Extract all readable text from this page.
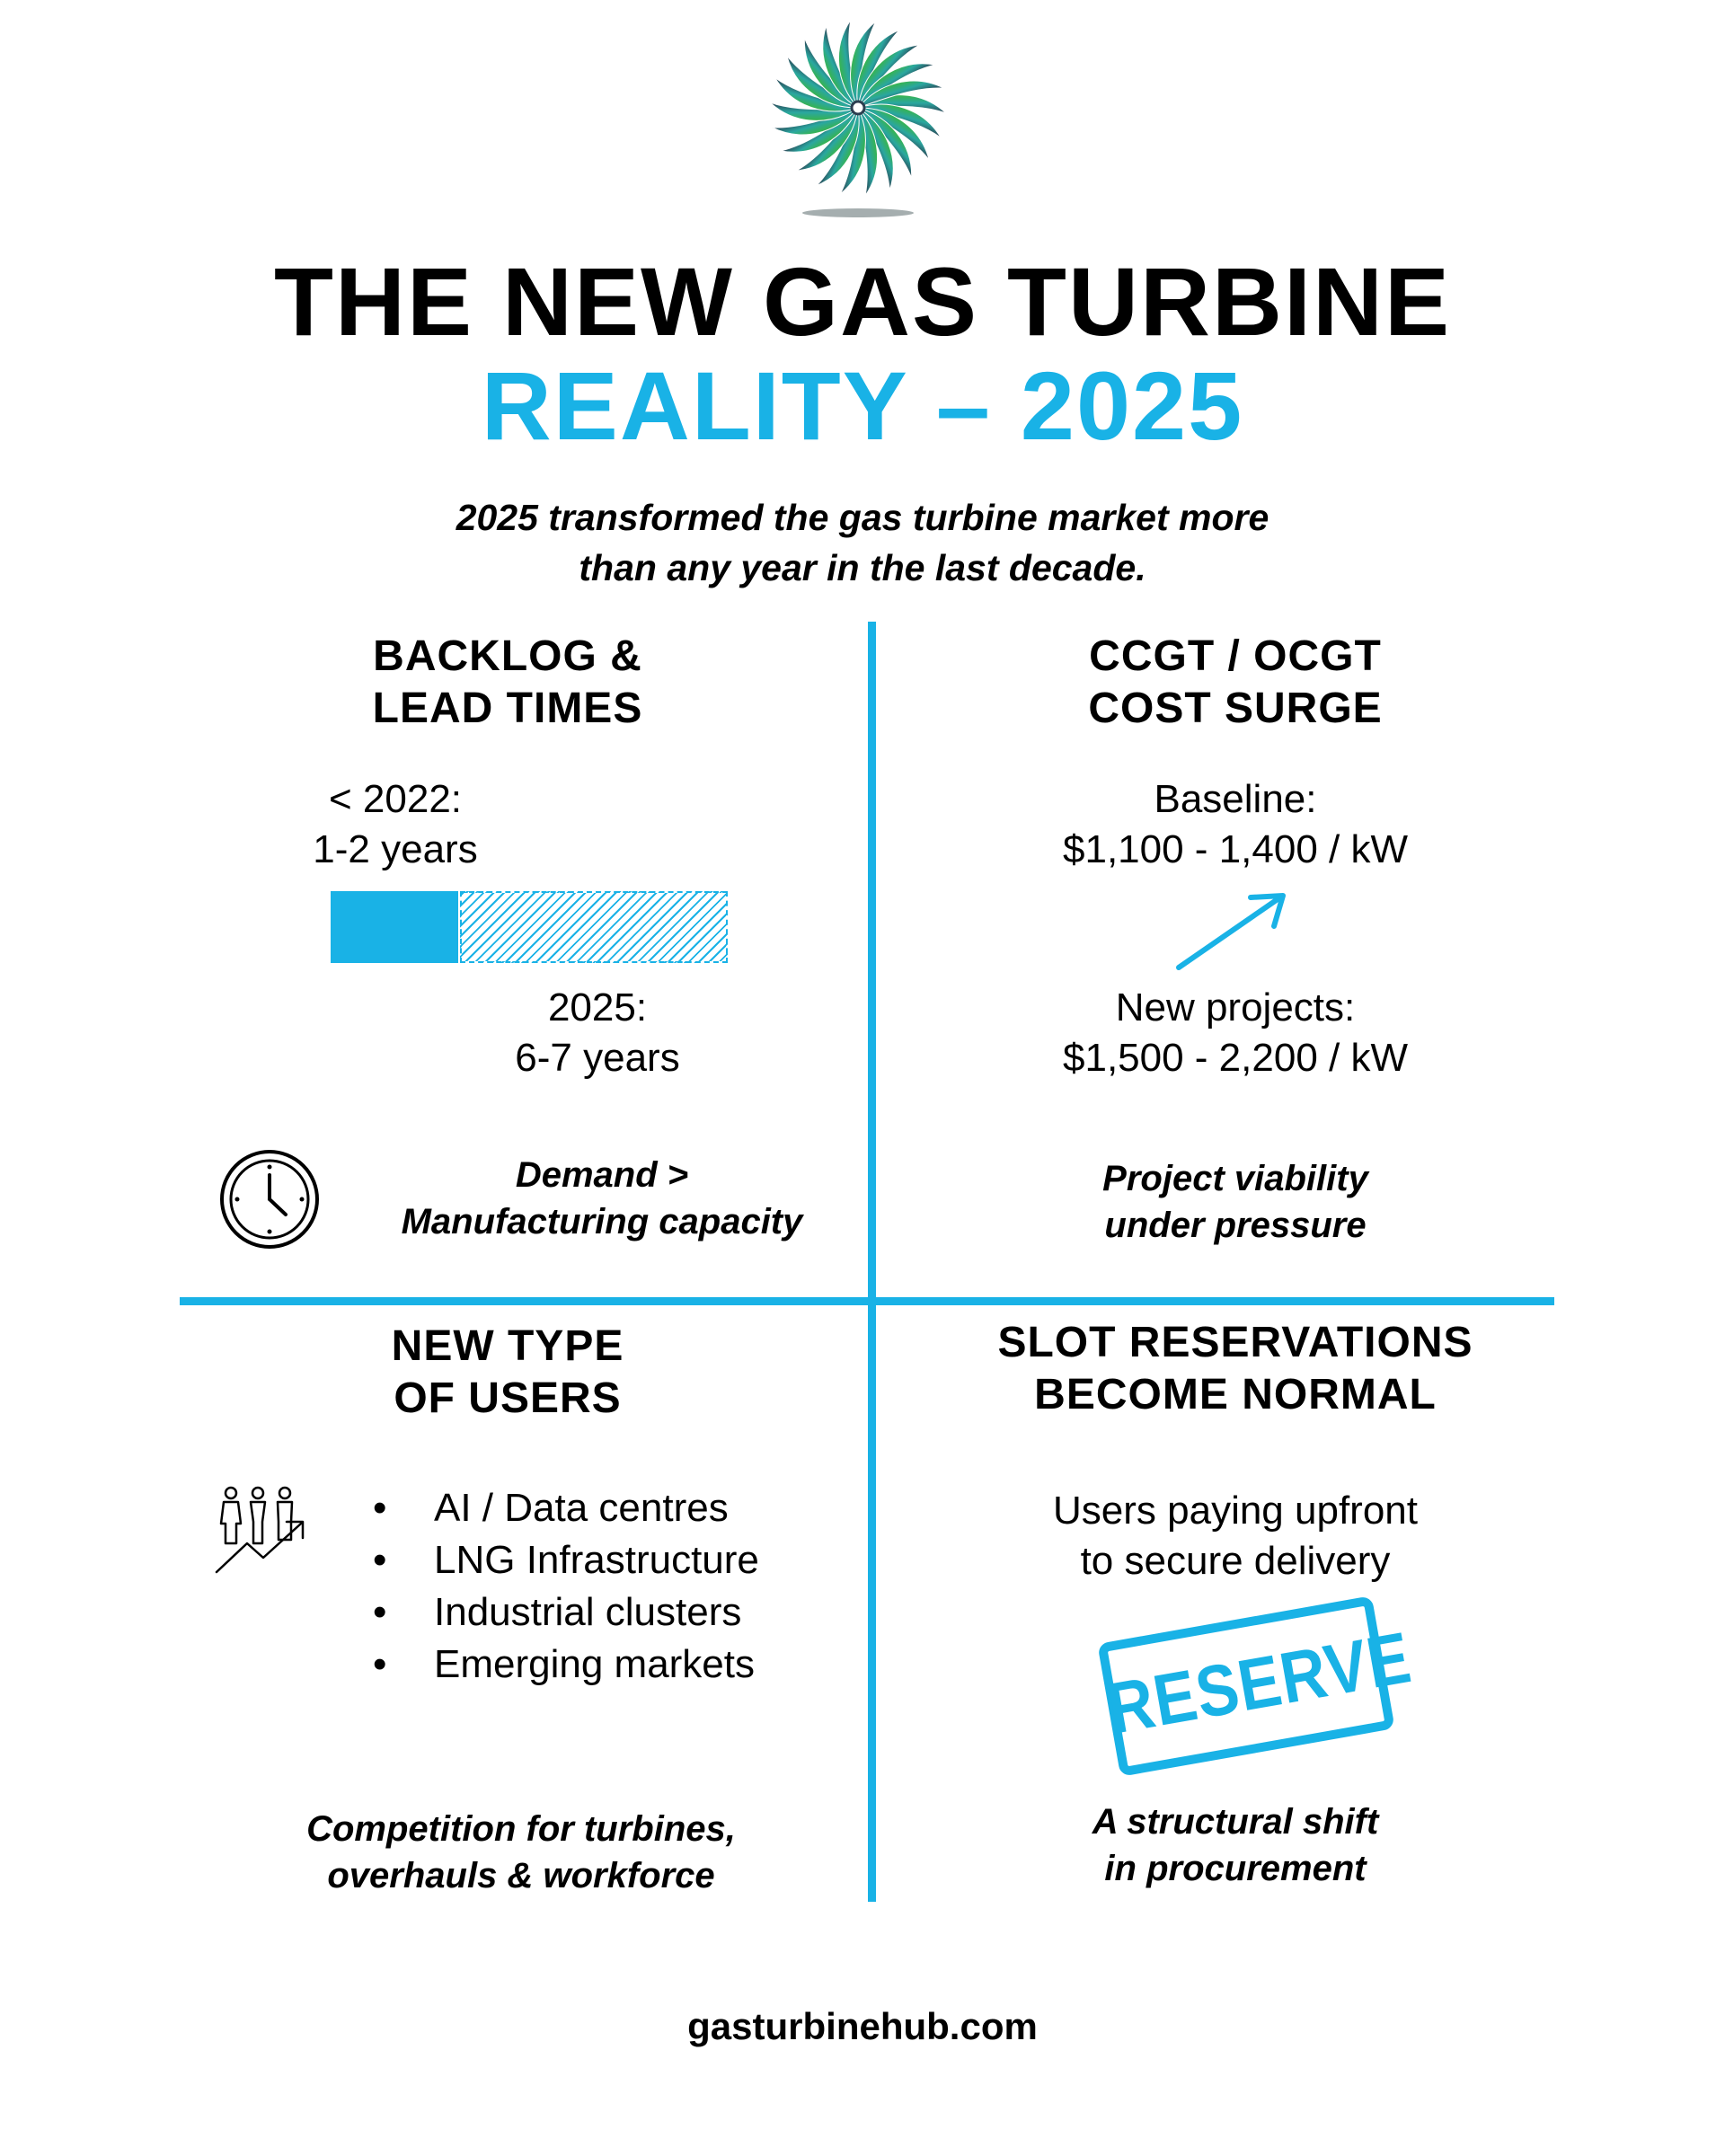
THE NEW GAS TURBINE
REALITY – 2025
2025 transformed the gas turbine market more
than any year in the last decade.
BACKLOG &
LEAD TIMES
< 2022:
1-2 years
2025:
6-7 years
Demand >
Manufacturing capacity
CCGT / OCGT
COST SURGE
Baseline:
$1,100 - 1,400 / kW
New projects:
$1,500 - 2,200 / kW
Project viability
under pressure
NEW TYPE
OF USERS
• AI / Data centres
• LNG Infrastructure
• Industrial clusters
• Emerging markets
Competition for turbines,
overhauls & workforce
SLOT RESERVATIONS
BECOME NORMAL
Users paying upfront
to secure delivery
RESERVE
A structural shift
in procurement
gasturbinehub.com
